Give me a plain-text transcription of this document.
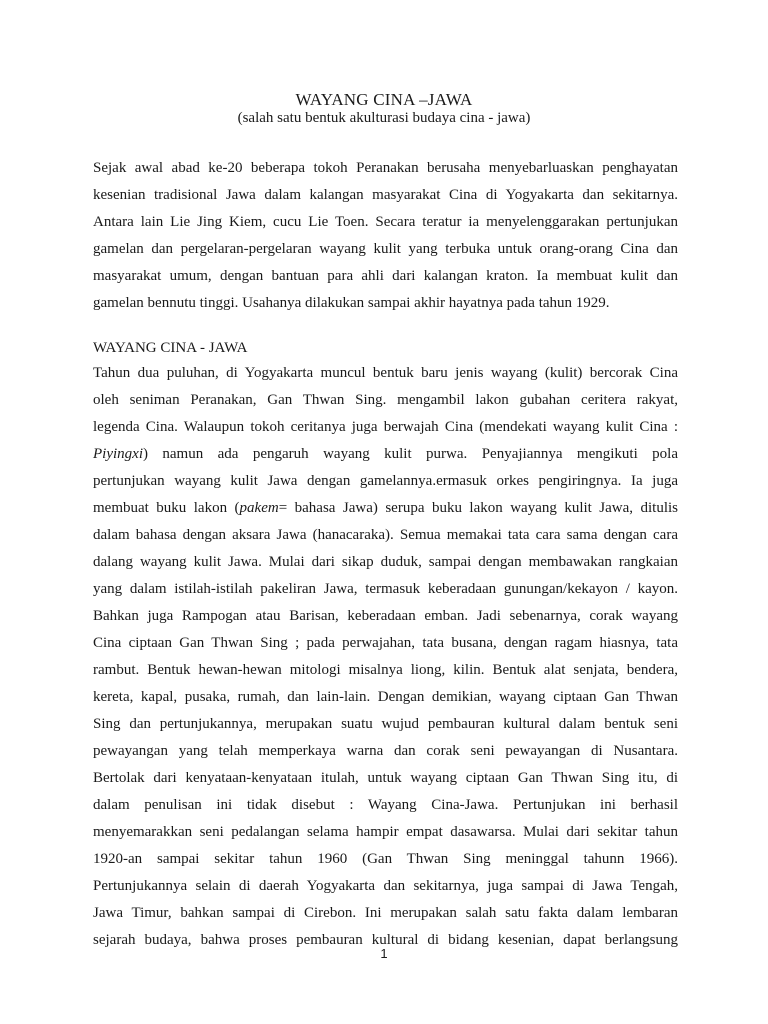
WAYANG CINA –JAWA
(salah satu bentuk akulturasi budaya cina - jawa)
Sejak awal abad ke-20 beberapa tokoh Peranakan berusaha menyebarluaskan penghayatan
kesenian tradisional Jawa dalam kalangan masyarakat Cina di Yogyakarta dan sekitarnya.
Antara lain Lie Jing Kiem, cucu Lie Toen. Secara teratur ia menyelenggarakan pertunjukan
gamelan dan pergelaran-pergelaran wayang kulit yang terbuka untuk orang-orang Cina dan
masyarakat umum, dengan bantuan para ahli dari kalangan kraton. Ia membuat kulit dan
gamelan bennutu tinggi. Usahanya dilakukan sampai akhir hayatnya pada tahun 1929.
WAYANG CINA - JAWA
Tahun dua puluhan, di Yogyakarta muncul bentuk baru jenis wayang (kulit) bercorak Cina
oleh seniman Peranakan, Gan Thwan Sing. mengambil lakon gubahan ceritera rakyat,
legenda Cina. Walaupun tokoh ceritanya juga berwajah Cina (mendekati wayang kulit Cina :
Piyingxi) namun ada pengaruh wayang kulit purwa. Penyajiannya mengikuti pola
pertunjukan wayang kulit Jawa dengan gamelannya.ermasuk orkes pengiringnya. Ia juga
membuat buku lakon (pakem= bahasa Jawa) serupa buku lakon wayang kulit Jawa, ditulis
dalam bahasa dengan aksara Jawa (hanacaraka). Semua memakai tata cara sama dengan cara
dalang wayang kulit Jawa. Mulai dari sikap duduk, sampai dengan membawakan rangkaian
yang dalam istilah-istilah pakeliran Jawa, termasuk keberadaan gunungan/kekayon / kayon.
Bahkan juga Rampogan atau Barisan, keberadaan emban. Jadi sebenarnya, corak wayang
Cina ciptaan Gan Thwan Sing ; pada perwajahan, tata busana, dengan ragam hiasnya, tata
rambut. Bentuk hewan-hewan mitologi misalnya liong, kilin. Bentuk alat senjata, bendera,
kereta, kapal, pusaka, rumah, dan lain-lain. Dengan demikian, wayang ciptaan Gan Thwan
Sing dan pertunjukannya, merupakan suatu wujud pembauran kultural dalam bentuk seni
pewayangan yang telah memperkaya warna dan corak seni pewayangan di Nusantara.
Bertolak dari kenyataan-kenyataan itulah, untuk wayang ciptaan Gan Thwan Sing itu, di
dalam penulisan ini tidak disebut : Wayang Cina-Jawa. Pertunjukan ini berhasil
menyemarakkan seni pedalangan selama hampir empat dasawarsa. Mulai dari sekitar tahun
1920-an sampai sekitar tahun 1960 (Gan Thwan Sing meninggal tahunn 1966).
Pertunjukannya selain di daerah Yogyakarta dan sekitarnya, juga sampai di Jawa Tengah,
Jawa Timur, bahkan sampai di Cirebon. Ini merupakan salah satu fakta dalam lembaran
sejarah budaya, bahwa proses pembauran kultural di bidang kesenian, dapat berlangsung
1
